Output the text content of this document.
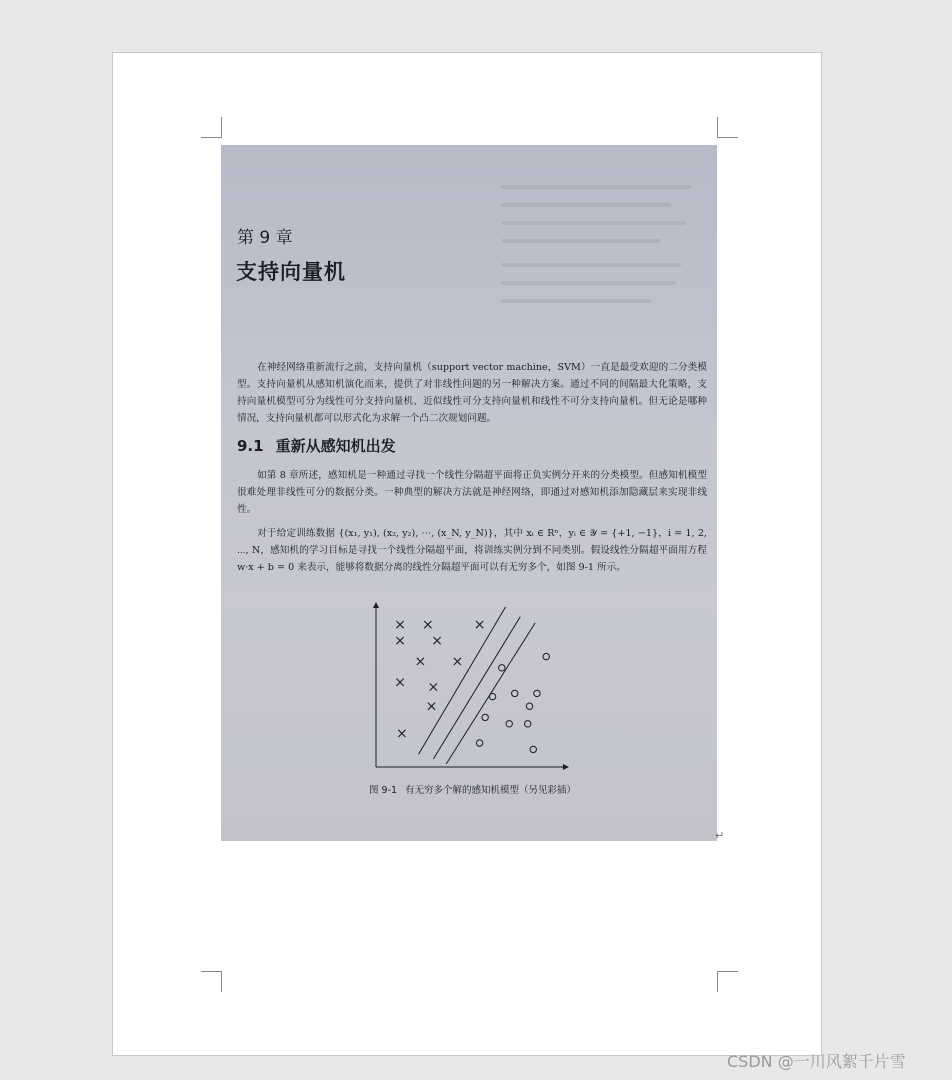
第 9 章
支持向量机

在神经网络重新流行之前，支持向量机（support vector machine，SVM）一直是最受欢迎的二分类模型。支持向量机从感知机演化而来，提供了对非线性问题的另一种解决方案。通过不同的间隔最大化策略，支持向量机模型可分为线性可分支持向量机、近似线性可分支持向量机和线性不可分支持向量机。但无论是哪种情况，支持向量机都可以形式化为求解一个凸二次规划问题。

9.1 重新从感知机出发

如第 8 章所述，感知机是一种通过寻找一个线性分隔超平面将正负实例分开来的分类模型。但感知机模型很难处理非线性可分的数据分类。一种典型的解决方法就是神经网络，即通过对感知机添加隐藏层来实现非线性。

对于给定训练数据 {(x₁, y₁), (x₂, y₂), ⋯, (x_N, y_N)}，其中 xᵢ ∈ Rⁿ，yᵢ ∈ 𝒴 = {+1, −1}，i = 1, 2, ⋯, N，感知机的学习目标是寻找一个线性分隔超平面，将训练实例分到不同类别。假设线性分隔超平面用方程 w·x + b = 0 来表示，能够将数据分离的线性分隔超平面可以有无穷多个，如图 9-1 所示。

图 9-1 有无穷多个解的感知机模型（另见彩插）
↵
CSDN @一川风絮千片雪
